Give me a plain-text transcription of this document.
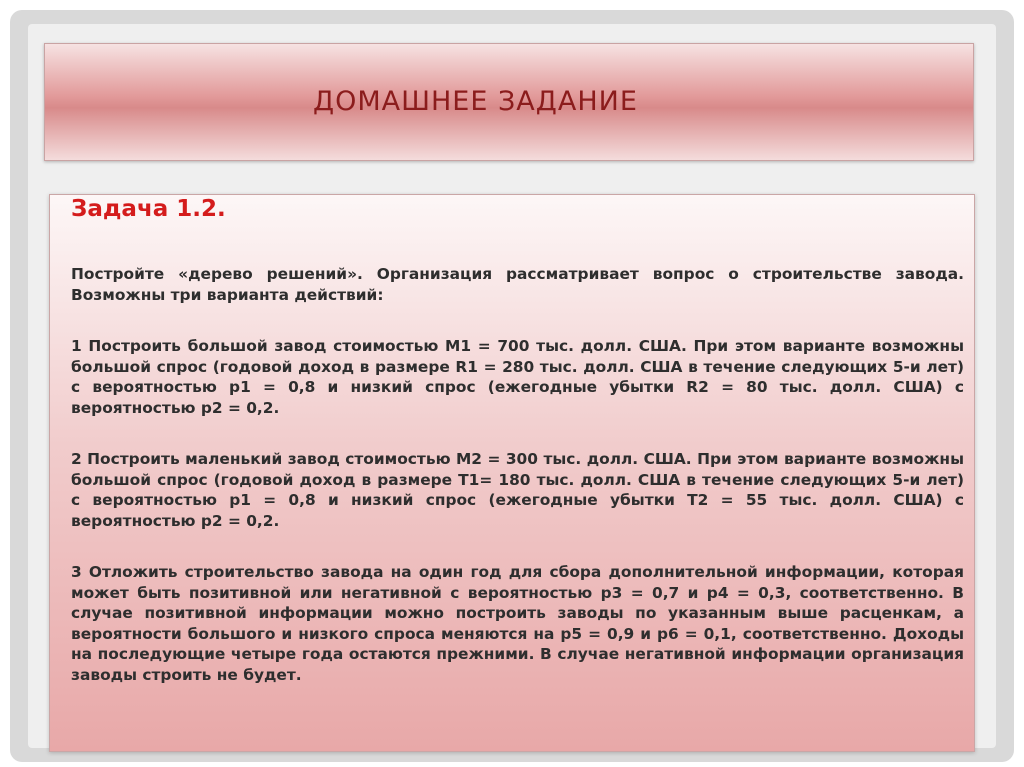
ДОМАШНЕЕ ЗАДАНИЕ
Задача 1.2.

Постройте «дерево решений». Организация рассматривает вопрос о строительстве завода. Возможны три варианта действий:

1 Построить большой завод стоимостью М1 = 700 тыс. долл. США. При этом варианте возможны большой спрос (годовой доход в размере R1 = 280 тыс. долл. США в течение следующих 5-и лет) с вероятностью p1 = 0,8 и низкий спрос (ежегодные убытки R2 = 80 тыс. долл. США) с вероятностью p2 = 0,2.

2 Построить маленький завод стоимостью М2 = 300 тыс. долл. США. При этом варианте возможны большой спрос (годовой доход в размере T1= 180 тыс. долл. США в течение следующих 5-и лет) с вероятностью p1 = 0,8 и низкий спрос (ежегодные убытки T2 = 55 тыс. долл. США) с вероятностью p2 = 0,2.

3 Отложить строительство завода на один год для сбора дополнительной информации, которая может быть позитивной или негативной с вероятностью p3 = 0,7 и p4 = 0,3, соответственно. В случае позитивной информации можно построить заводы по указанным выше расценкам, а вероятности большого и низкого спроса меняются на p5 = 0,9 и p6 = 0,1, соответственно. Доходы на последующие четыре года остаются прежними. В случае негативной информации организация заводы строить не будет.
